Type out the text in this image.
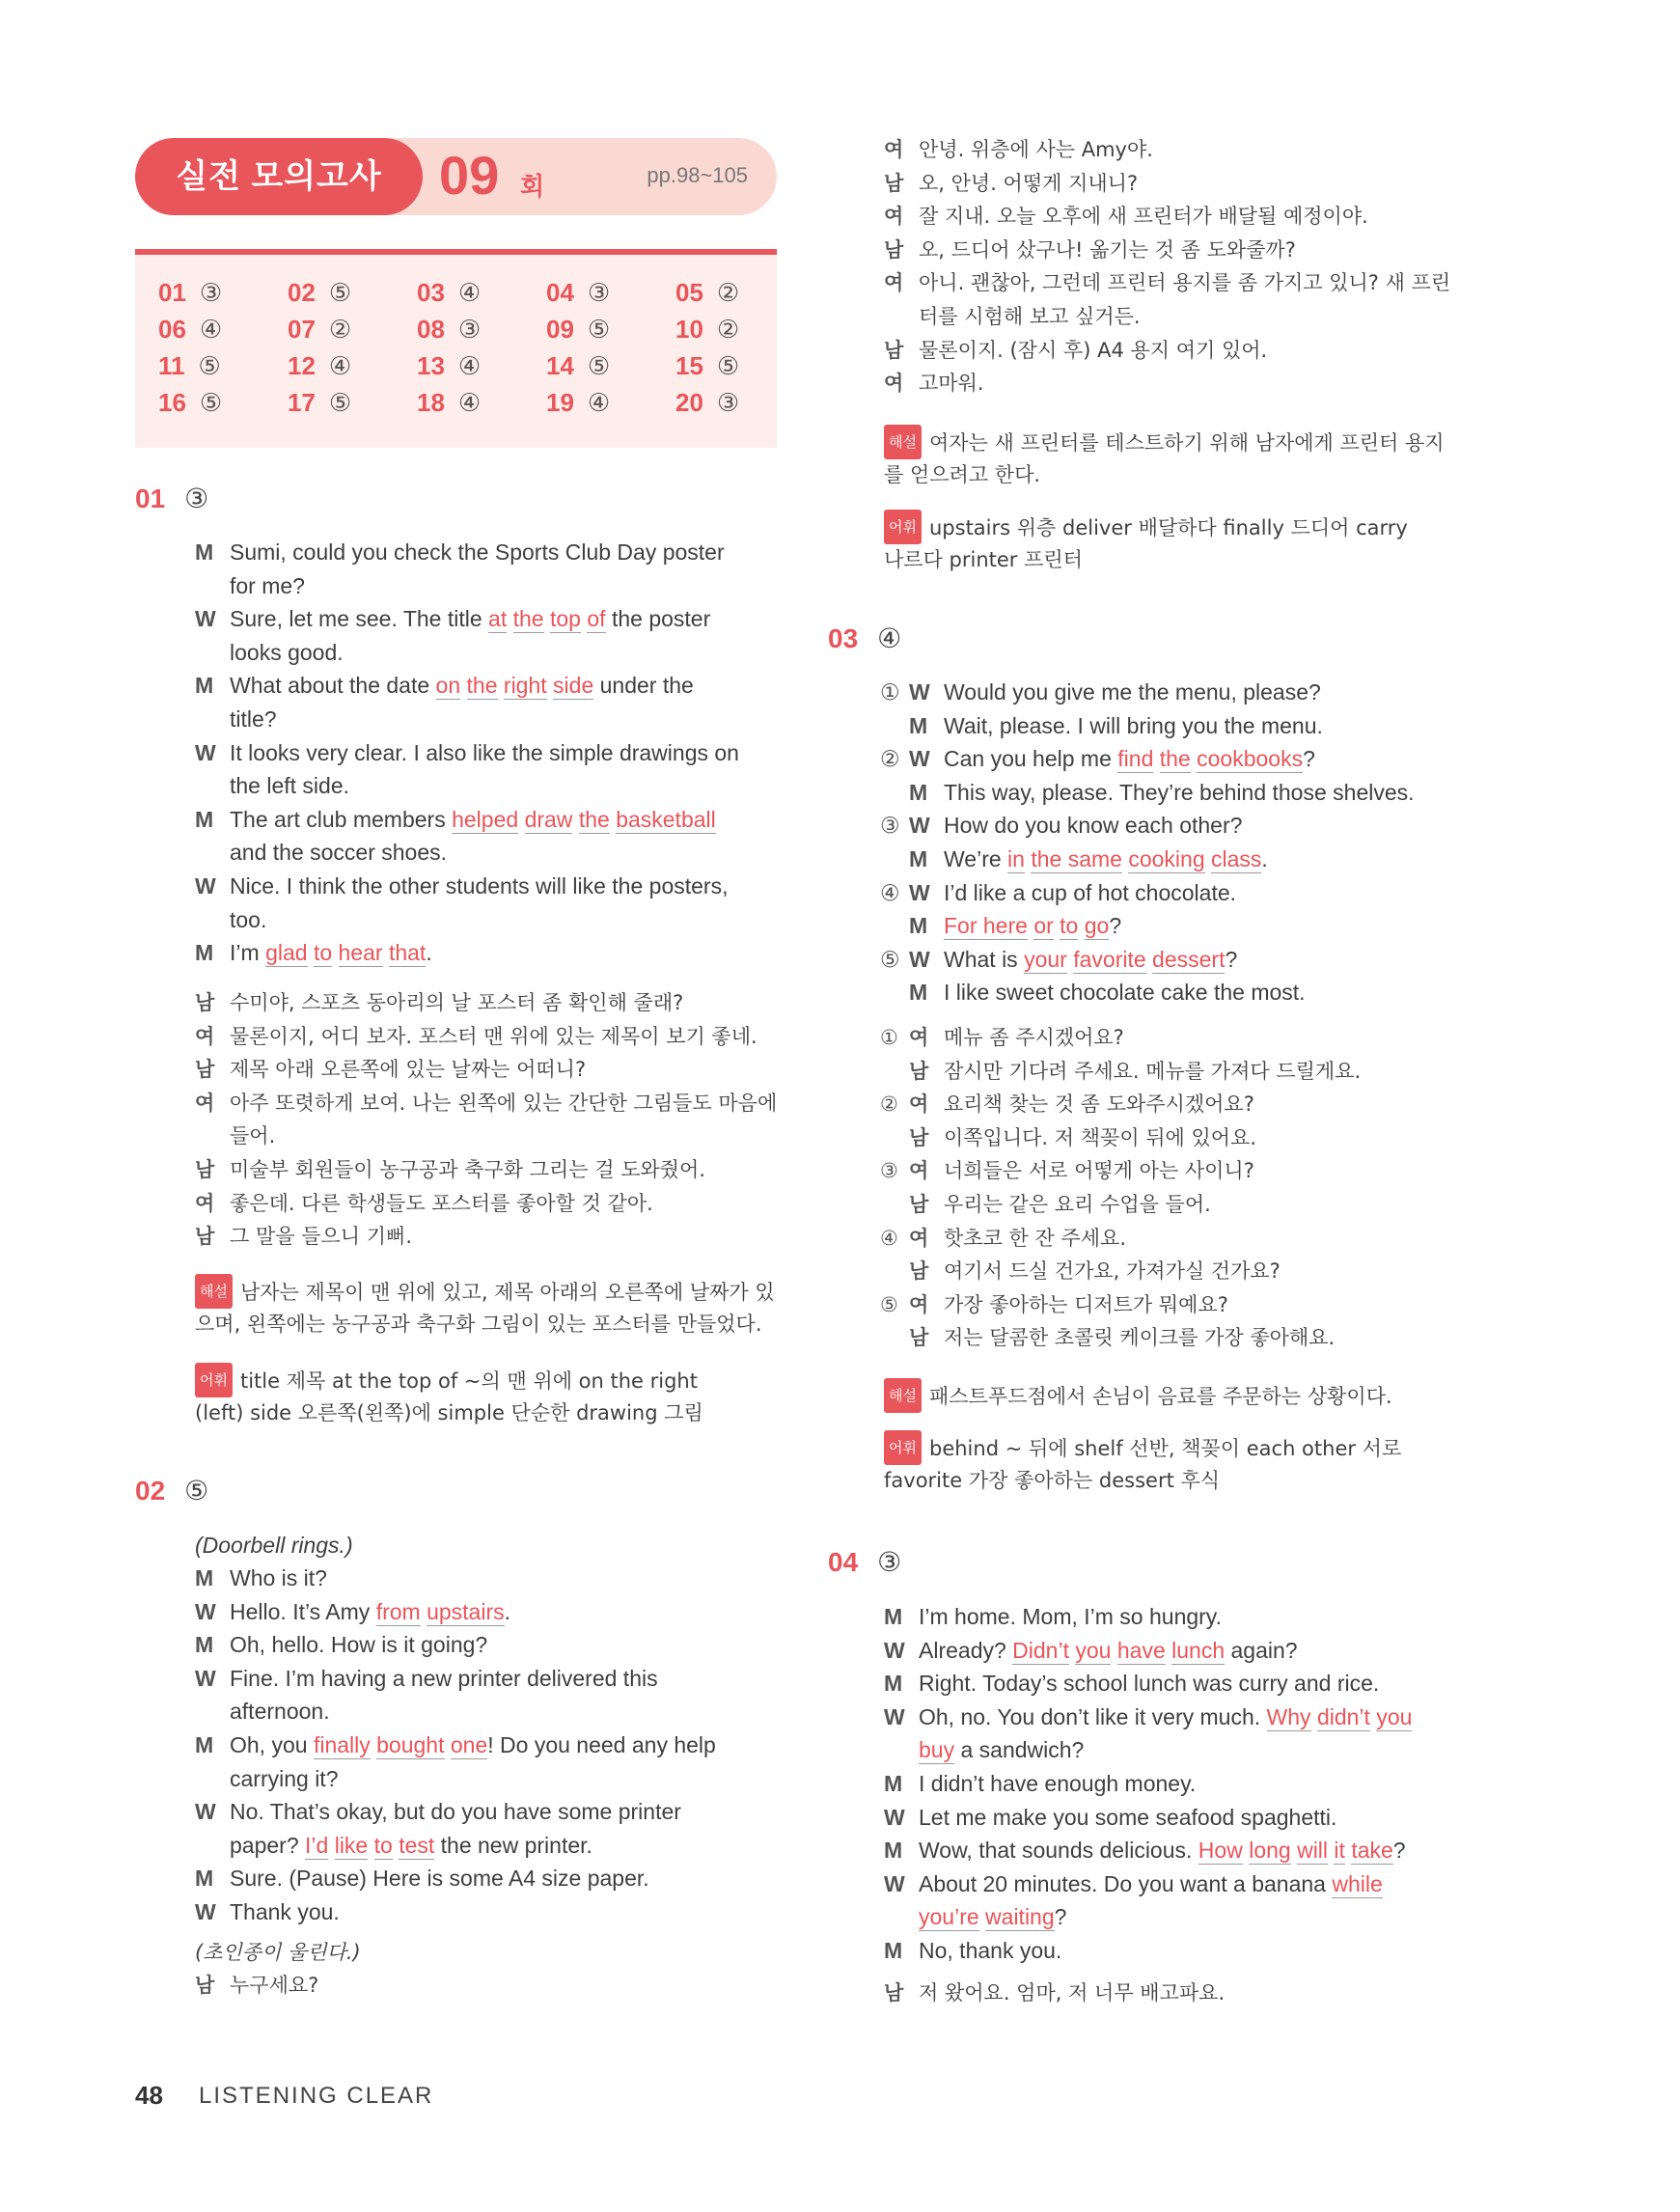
실전 모의고사	09 회	pp.98~105
01 ③	02 ⑤	03 ④	04 ③	05 ②
06 ④	07 ②	08 ③	09 ⑤	10 ②
11 ⑤	12 ④	13 ④	14 ⑤	15 ⑤
16 ⑤	17 ⑤	18 ④	19 ④	20 ③
01 ③
M Sumi, could you check the Sports Club Day poster
for me?
W Sure, let me see. The title at the top of the poster
looks good.
M What about the date on the right side under the
title?
W It looks very clear. I also like the simple drawings on
the left side.
M The art club members helped draw the basketball
and the soccer shoes.
W Nice. I think the other students will like the posters,
too.
M I’m glad to hear that.
남 수미야, 스포츠 동아리의 날 포스터 좀 확인해 줄래?
여 물론이지, 어디 보자. 포스터 맨 위에 있는 제목이 보기 좋네.
남 제목 아래 오른쪽에 있는 날짜는 어떠니?
여 아주 또렷하게 보여. 나는 왼쪽에 있는 간단한 그림들도 마음에
들어.
남 미술부 회원들이 농구공과 축구화 그리는 걸 도와줬어.
여 좋은데. 다른 학생들도 포스터를 좋아할 것 같아.
남 그 말을 들으니 기뻐.
해설 남자는 제목이 맨 위에 있고, 제목 아래의 오른쪽에 날짜가 있
으며, 왼쪽에는 농구공과 축구화 그림이 있는 포스터를 만들었다.
어휘 title 제목 at the top of ~의 맨 위에 on the right
(left) side 오른쪽(왼쪽)에 simple 단순한 drawing 그림
02 ⑤
(Doorbell rings.)
M Who is it?
W Hello. It’s Amy from upstairs.
M Oh, hello. How is it going?
W Fine. I’m having a new printer delivered this
afternoon.
M Oh, you finally bought one! Do you need any help
carrying it?
W No. That’s okay, but do you have some printer
paper? I’d like to test the new printer.
M Sure. (Pause) Here is some A4 size paper.
W Thank you.
(초인종이 울린다.)
남 누구세요?
여 안녕. 위층에 사는 Amy야.
남 오, 안녕. 어떻게 지내니?
여 잘 지내. 오늘 오후에 새 프린터가 배달될 예정이야.
남 오, 드디어 샀구나! 옮기는 것 좀 도와줄까?
여 아니. 괜찮아, 그런데 프린터 용지를 좀 가지고 있니? 새 프린
터를 시험해 보고 싶거든.
남 물론이지. (잠시 후) A4 용지 여기 있어.
여 고마워.
해설 여자는 새 프린터를 테스트하기 위해 남자에게 프린터 용지
를 얻으려고 한다.
어휘 upstairs 위층 deliver 배달하다 finally 드디어 carry
나르다 printer 프린터
03 ④
① W Would you give me the menu, please?
M Wait, please. I will bring you the menu.
② W Can you help me find the cookbooks?
M This way, please. They’re behind those shelves.
③ W How do you know each other?
M We’re in the same cooking class.
④ W I’d like a cup of hot chocolate.
M For here or to go?
⑤ W What is your favorite dessert?
M I like sweet chocolate cake the most.
① 여 메뉴 좀 주시겠어요?
남 잠시만 기다려 주세요. 메뉴를 가져다 드릴게요.
② 여 요리책 찾는 것 좀 도와주시겠어요?
남 이쪽입니다. 저 책꽂이 뒤에 있어요.
③ 여 너희들은 서로 어떻게 아는 사이니?
남 우리는 같은 요리 수업을 들어.
④ 여 핫초코 한 잔 주세요.
남 여기서 드실 건가요, 가져가실 건가요?
⑤ 여 가장 좋아하는 디저트가 뭐예요?
남 저는 달콤한 초콜릿 케이크를 가장 좋아해요.
해설 패스트푸드점에서 손님이 음료를 주문하는 상황이다.
어휘 behind ~ 뒤에 shelf 선반, 책꽂이 each other 서로
favorite 가장 좋아하는 dessert 후식
04 ③
M I’m home. Mom, I’m so hungry.
W Already? Didn’t you have lunch again?
M Right. Today’s school lunch was curry and rice.
W Oh, no. You don’t like it very much. Why didn’t you
buy a sandwich?
M I didn’t have enough money.
W Let me make you some seafood spaghetti.
M Wow, that sounds delicious. How long will it take?
W About 20 minutes. Do you want a banana while
you’re waiting?
M No, thank you.
남 저 왔어요. 엄마, 저 너무 배고파요.
48 LISTENING CLEAR
